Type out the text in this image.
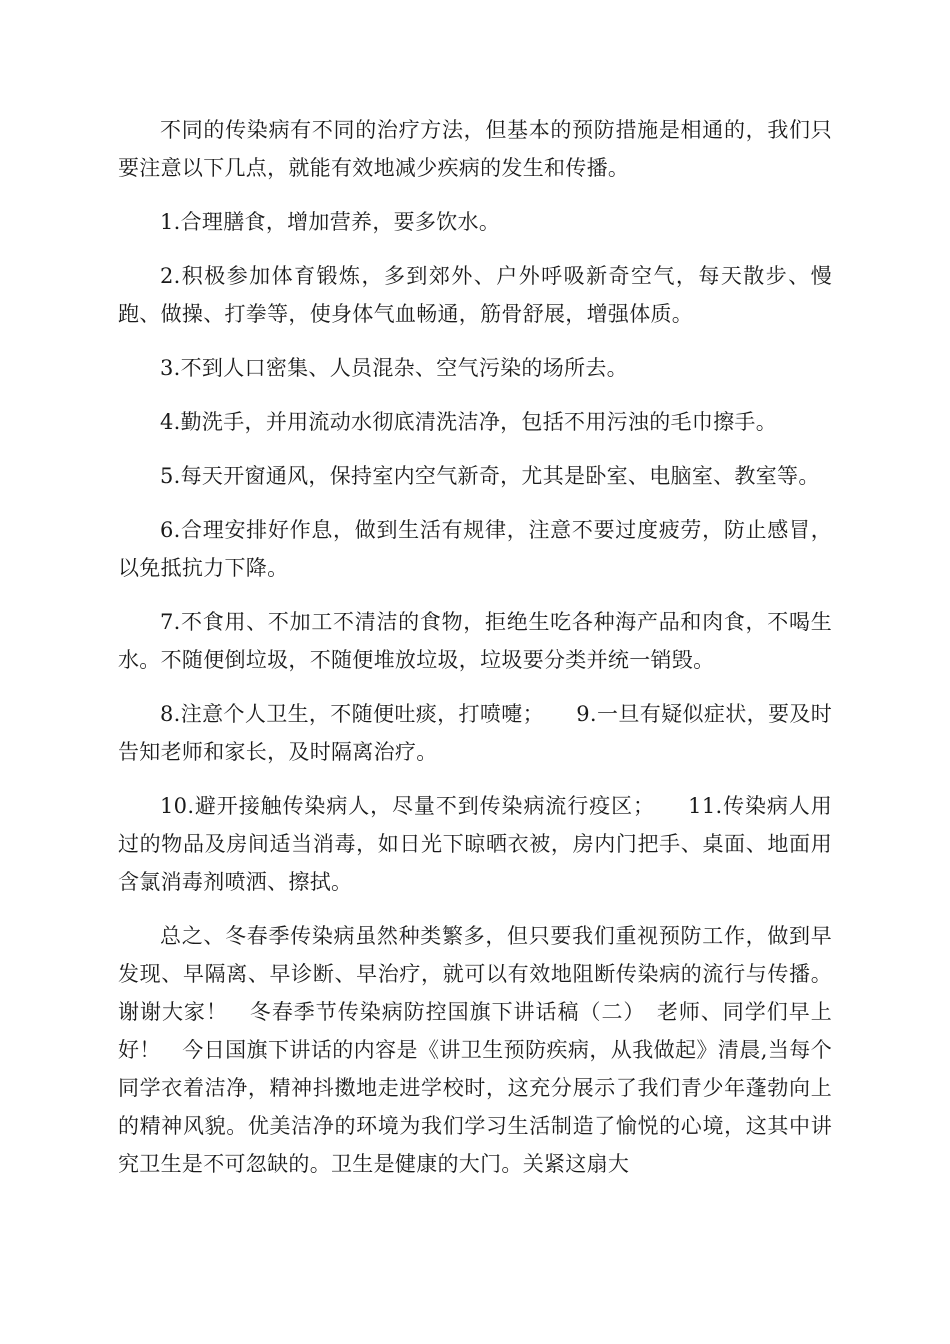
不同的传染病有不同的治疗方法，但基本的预防措施是相通的，我们只要注意以下几点，就能有效地减少疾病的发生和传播。

1.合理膳食，增加营养，要多饮水。

2.积极参加体育锻炼，多到郊外、户外呼吸新奇空气，每天散步、慢跑、做操、打拳等，使身体气血畅通，筋骨舒展，增强体质。

3.不到人口密集、人员混杂、空气污染的场所去。

4.勤洗手，并用流动水彻底清洗洁净，包括不用污浊的毛巾擦手。

5.每天开窗通风，保持室内空气新奇，尤其是卧室、电脑室、教室等。

6.合理安排好作息，做到生活有规律，注意不要过度疲劳，防止感冒，以免抵抗力下降。

7.不食用、不加工不清洁的食物，拒绝生吃各种海产品和肉食，不喝生水。不随便倒垃圾，不随便堆放垃圾，垃圾要分类并统一销毁。

8.注意个人卫生，不随便吐痰，打喷嚏；　　9.一旦有疑似症状，要及时告知老师和家长，及时隔离治疗。

10.避开接触传染病人，尽量不到传染病流行疫区；　　11.传染病人用过的物品及房间适当消毒，如日光下晾晒衣被，房内门把手、桌面、地面用含氯消毒剂喷洒、擦拭。

总之、冬春季传染病虽然种类繁多，但只要我们重视预防工作，做到早发现、早隔离、早诊断、早治疗，就可以有效地阻断传染病的流行与传播。谢谢大家！　冬春季节传染病防控国旗下讲话稿（二）　老师、同学们早上好！　今日国旗下讲话的内容是《讲卫生预防疾病，从我做起》清晨,当每个同学衣着洁净，精神抖擞地走进学校时，这充分展示了我们青少年蓬勃向上的精神风貌。优美洁净的环境为我们学习生活制造了愉悦的心境，这其中讲究卫生是不可忽缺的。卫生是健康的大门。关紧这扇大
